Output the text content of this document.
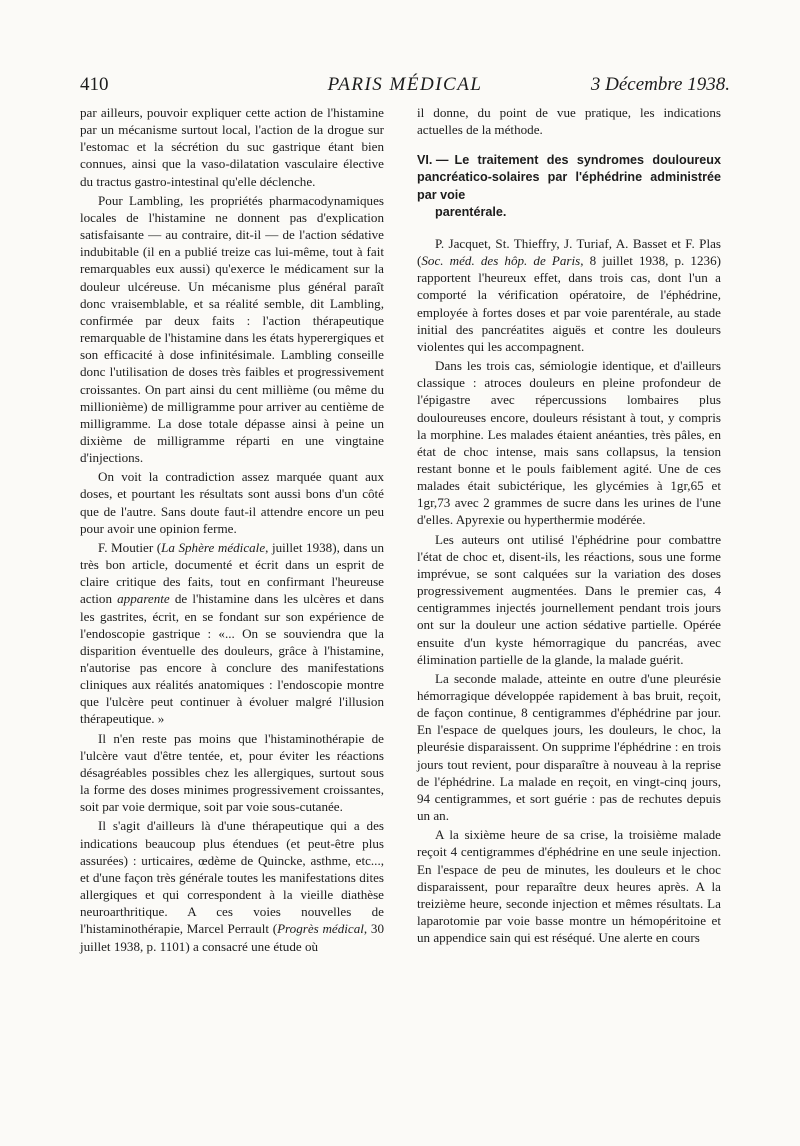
410	PARIS MÉDICAL	3 Décembre 1938.

par ailleurs, pouvoir expliquer cette action de l'histamine par un mécanisme surtout local, l'action de la drogue sur l'estomac et la sécrétion du suc gastrique étant bien connues, ainsi que la vaso-dilatation vasculaire élective du tractus gastro-intestinal qu'elle déclenche.

Pour Lambling, les propriétés pharmacodynamiques locales de l'histamine ne donnent pas d'explication satisfaisante — au contraire, dit-il — de l'action sédative indubitable (il en a publié treize cas lui-même, tout à fait remarquables eux aussi) qu'exerce le médicament sur la douleur ulcéreuse. Un mécanisme plus général paraît donc vraisemblable, et sa réalité semble, dit Lambling, confirmée par deux faits : l'action thérapeutique remarquable de l'histamine dans les états hyperergiques et son efficacité à dose infinitésimale. Lambling conseille donc l'utilisation de doses très faibles et progressivement croissantes. On part ainsi du cent millième (ou même du millionième) de milligramme pour arriver au centième de milligramme. La dose totale dépasse ainsi à peine un dixième de milligramme réparti en une vingtaine d'injections.

On voit la contradiction assez marquée quant aux doses, et pourtant les résultats sont aussi bons d'un côté que de l'autre. Sans doute faut-il attendre encore un peu pour avoir une opinion ferme.

F. Moutier (La Sphère médicale, juillet 1938), dans un très bon article, documenté et écrit dans un esprit de claire critique des faits, tout en confirmant l'heureuse action apparente de l'histamine dans les ulcères et dans les gastrites, écrit, en se fondant sur son expérience de l'endoscopie gastrique : «... On se souviendra que la disparition éventuelle des douleurs, grâce à l'histamine, n'autorise pas encore à conclure des manifestations cliniques aux réalités anatomiques : l'endoscopie montre que l'ulcère peut continuer à évoluer malgré l'illusion thérapeutique. »

Il n'en reste pas moins que l'histaminothérapie de l'ulcère vaut d'être tentée, et, pour éviter les réactions désagréables possibles chez les allergiques, surtout sous la forme des doses minimes progressivement croissantes, soit par voie dermique, soit par voie sous-cutanée.

Il s'agit d'ailleurs là d'une thérapeutique qui a des indications beaucoup plus étendues (et peut-être plus assurées) : urticaires, œdème de Quincke, asthme, etc..., et d'une façon très générale toutes les manifestations dites allergiques et qui correspondent à la vieille diathèse neuroarthritique. A ces voies nouvelles de l'histaminothérapie, Marcel Perrault (Progrès médical, 30 juillet 1938, p. 1101) a consacré une étude où

il donne, du point de vue pratique, les indications actuelles de la méthode.

VI. — Le traitement des syndromes douloureux pancréatico-solaires par l'éphédrine administrée par voie
parentérale.

P. Jacquet, St. Thieffry, J. Turiaf, A. Basset et F. Plas (Soc. méd. des hôp. de Paris, 8 juillet 1938, p. 1236) rapportent l'heureux effet, dans trois cas, dont l'un a comporté la vérification opératoire, de l'éphédrine, employée à fortes doses et par voie parentérale, au stade initial des pancréatites aiguës et contre les douleurs violentes qui les accompagnent.

Dans les trois cas, sémiologie identique, et d'ailleurs classique : atroces douleurs en pleine profondeur de l'épigastre avec répercussions lombaires plus douloureuses encore, douleurs résistant à tout, y compris la morphine. Les malades étaient anéanties, très pâles, en état de choc intense, mais sans collapsus, la tension restant bonne et le pouls faiblement agité. Une de ces malades était subictérique, les glycémies à 1gr,65 et 1gr,73 avec 2 grammes de sucre dans les urines de l'une d'elles. Apyrexie ou hyperthermie modérée.

Les auteurs ont utilisé l'éphédrine pour combattre l'état de choc et, disent-ils, les réactions, sous une forme imprévue, se sont calquées sur la variation des doses progressivement augmentées. Dans le premier cas, 4 centigrammes injectés journellement pendant trois jours ont sur la douleur une action sédative partielle. Opérée ensuite d'un kyste hémorragique du pancréas, avec élimination partielle de la glande, la malade guérit.

La seconde malade, atteinte en outre d'une pleurésie hémorragique développée rapidement à bas bruit, reçoit, de façon continue, 8 centigrammes d'éphédrine par jour. En l'espace de quelques jours, les douleurs, le choc, la pleurésie disparaissent. On supprime l'éphédrine : en trois jours tout revient, pour disparaître à nouveau à la reprise de l'éphédrine. La malade en reçoit, en vingt-cinq jours, 94 centigrammes, et sort guérie : pas de rechutes depuis un an.

A la sixième heure de sa crise, la troisième malade reçoit 4 centigrammes d'éphédrine en une seule injection. En l'espace de peu de minutes, les douleurs et le choc disparaissent, pour reparaître deux heures après. A la treizième heure, seconde injection et mêmes résultats. La laparotomie par voie basse montre un hémopéritoine et un appendice sain qui est réséqué. Une alerte en cours
